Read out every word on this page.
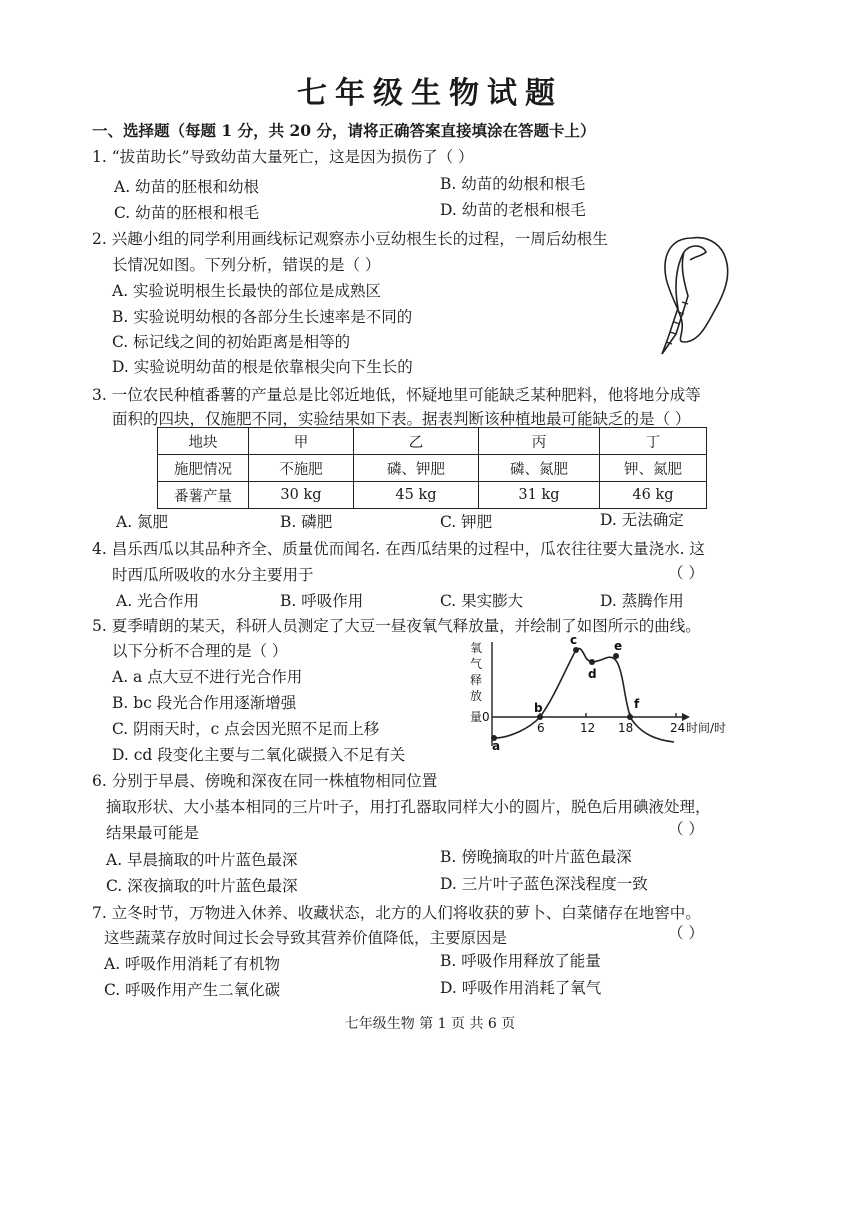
七年级生物试题
一、选择题（每题 1 分，共 20 分，请将正确答案直接填涂在答题卡上）
1. “拔苗助长”导致幼苗大量死亡，这是因为损伤了（ ）
A. 幼苗的胚根和幼根	B. 幼苗的幼根和根毛
C. 幼苗的胚根和根毛	D. 幼苗的老根和根毛
2. 兴趣小组的同学利用画线标记观察赤小豆幼根生长的过程，一周后幼根生
长情况如图。下列分析，错误的是（ ）
A. 实验说明根生长最快的部位是成熟区
B. 实验说明幼根的各部分生长速率是不同的
C. 标记线之间的初始距离是相等的
D. 实验说明幼苗的根是依靠根尖向下生长的
3. 一位农民种植番薯的产量总是比邻近地低，怀疑地里可能缺乏某种肥料，他将地分成等
面积的四块，仅施肥不同，实验结果如下表。据表判断该种植地最可能缺乏的是（ ）
地块	甲	乙	丙	丁
施肥情况	不施肥	磷、钾肥	磷、氮肥	钾、氮肥
番薯产量	30 kg	45 kg	31 kg	46 kg
A. 氮肥	B. 磷肥	C. 钾肥	D. 无法确定
4. 昌乐西瓜以其品种齐全、质量优而闻名. 在西瓜结果的过程中，瓜农往往要大量浇水. 这
时西瓜所吸收的水分主要用于	（ ）
A. 光合作用	B. 呼吸作用	C. 果实膨大	D. 蒸腾作用
5. 夏季晴朗的某天，科研人员测定了大豆一昼夜氧气释放量，并绘制了如图所示的曲线。
以下分析不合理的是（ ）
A. a 点大豆不进行光合作用
B. bc 段光合作用逐渐增强
C. 阴雨天时，c 点会因光照不足而上移
D. cd 段变化主要与二氧化碳摄入不足有关
氧
气
释
放
量 0
6	12 18	24 时间/时
a
b
c
d
e
f
6. 分别于早晨、傍晚和深夜在同一株植物相同位置
摘取形状、大小基本相同的三片叶子，用打孔器取同样大小的圆片，脱色后用碘液处理，
结果最可能是	（ ）
A. 早晨摘取的叶片蓝色最深	B. 傍晚摘取的叶片蓝色最深
C. 深夜摘取的叶片蓝色最深	D. 三片叶子蓝色深浅程度一致
7. 立冬时节，万物进入休养、收藏状态，北方的人们将收获的萝卜、白菜储存在地窖中。
这些蔬菜存放时间过长会导致其营养价值降低，主要原因是	（ ）
A. 呼吸作用消耗了有机物	B. 呼吸作用释放了能量
C. 呼吸作用产生二氧化碳	D. 呼吸作用消耗了氧气
七年级生物 第 1 页 共 6 页
